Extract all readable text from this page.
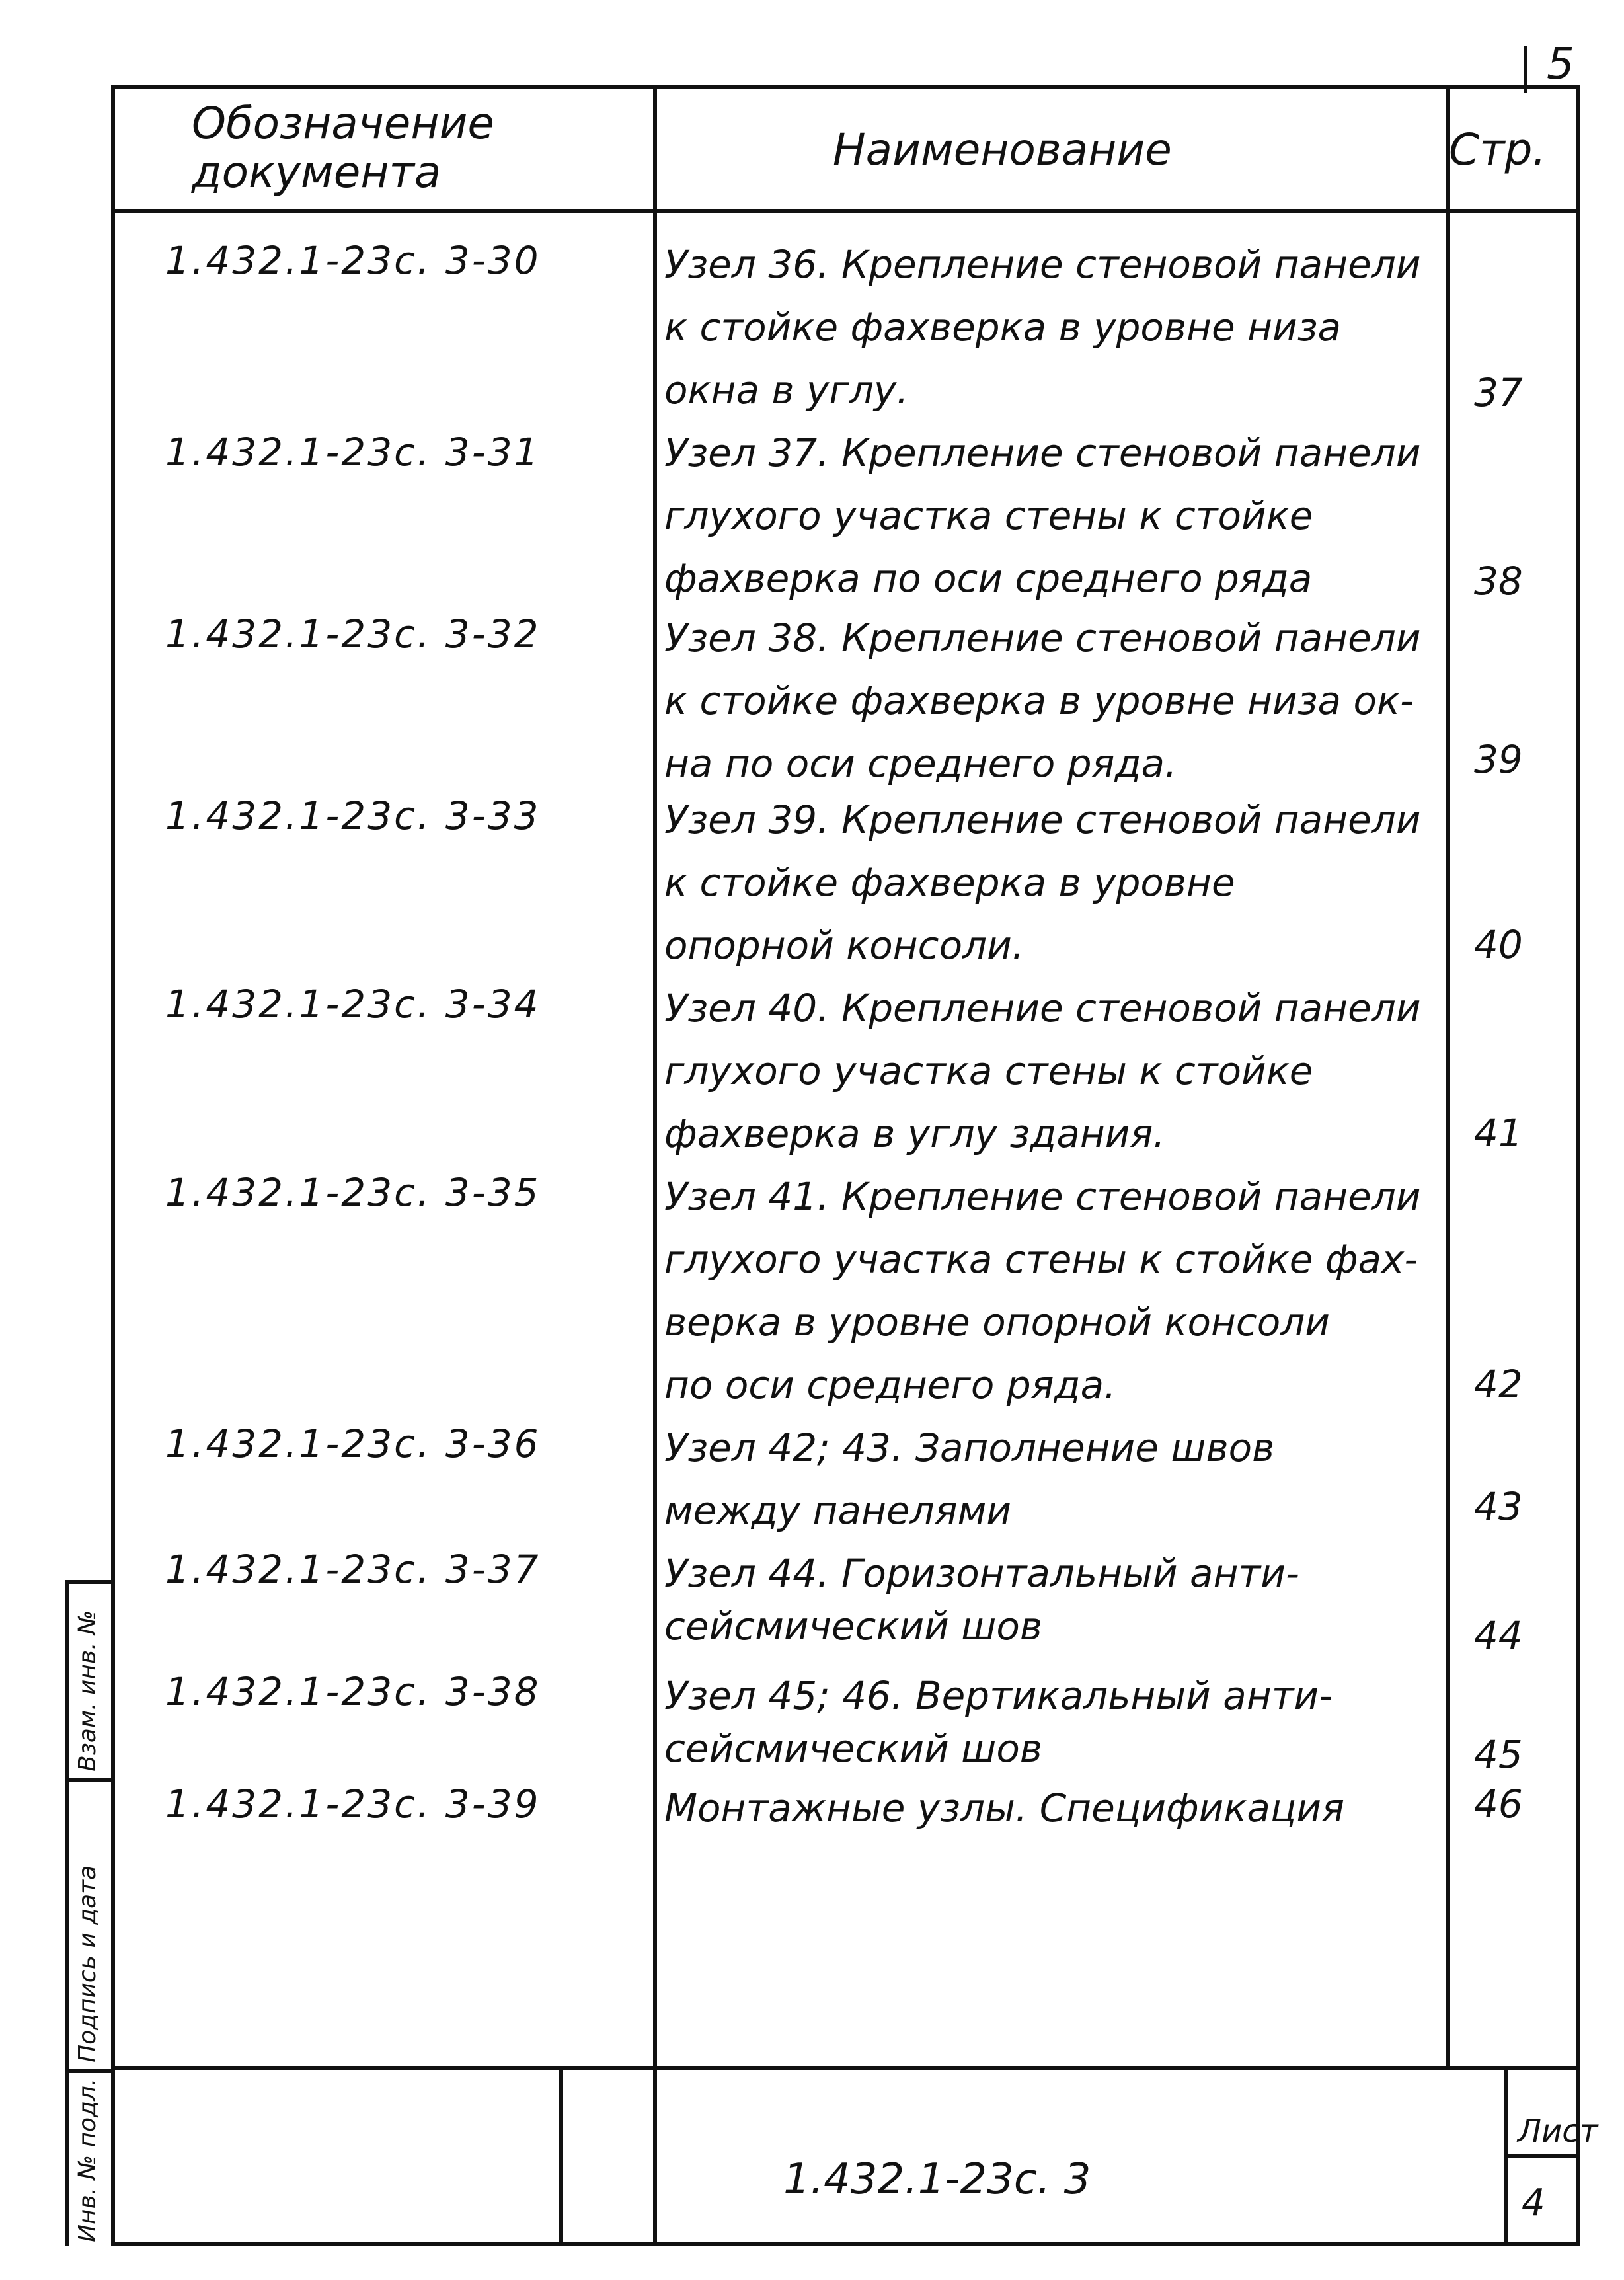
5
Взам. инв. №
Подпись и дата
Инв. № подл.
Обозначение документа	Наименование	Стр.
1.432.1-23с. 3-30	Узел 36. Крепление стеновой панели
к стойке фахверка в уровне низа
окна в углу.	37
1.432.1-23с. 3-31	Узел 37. Крепление стеновой панели
глухого участка стены к стойке
фахверка по оси среднего ряда	38
1.432.1-23с. 3-32	Узел 38. Крепление стеновой панели
к стойке фахверка в уровне низа ок-
на по оси среднего ряда.	39
1.432.1-23с. 3-33	Узел 39. Крепление стеновой панели
к стойке фахверка в уровне
опорной консоли.	40
1.432.1-23с. 3-34	Узел 40. Крепление стеновой панели
глухого участка стены к стойке
фахверка в углу здания.	41
1.432.1-23с. 3-35	Узел 41. Крепление стеновой панели
глухого участка стены к стойке фах-
верка в уровне опорной консоли
по оси среднего ряда.	42
1.432.1-23с. 3-36	Узел 42; 43. Заполнение швов
между панелями	43
1.432.1-23с. 3-37	Узел 44. Горизонтальный анти-
сейсмический шов	44
1.432.1-23с. 3-38	Узел 45; 46. Вертикальный анти-
сейсмический шов	45
1.432.1-23с. 3-39	Монтажные узлы. Спецификация	46
1.432.1-23с. 3
Лист
4
